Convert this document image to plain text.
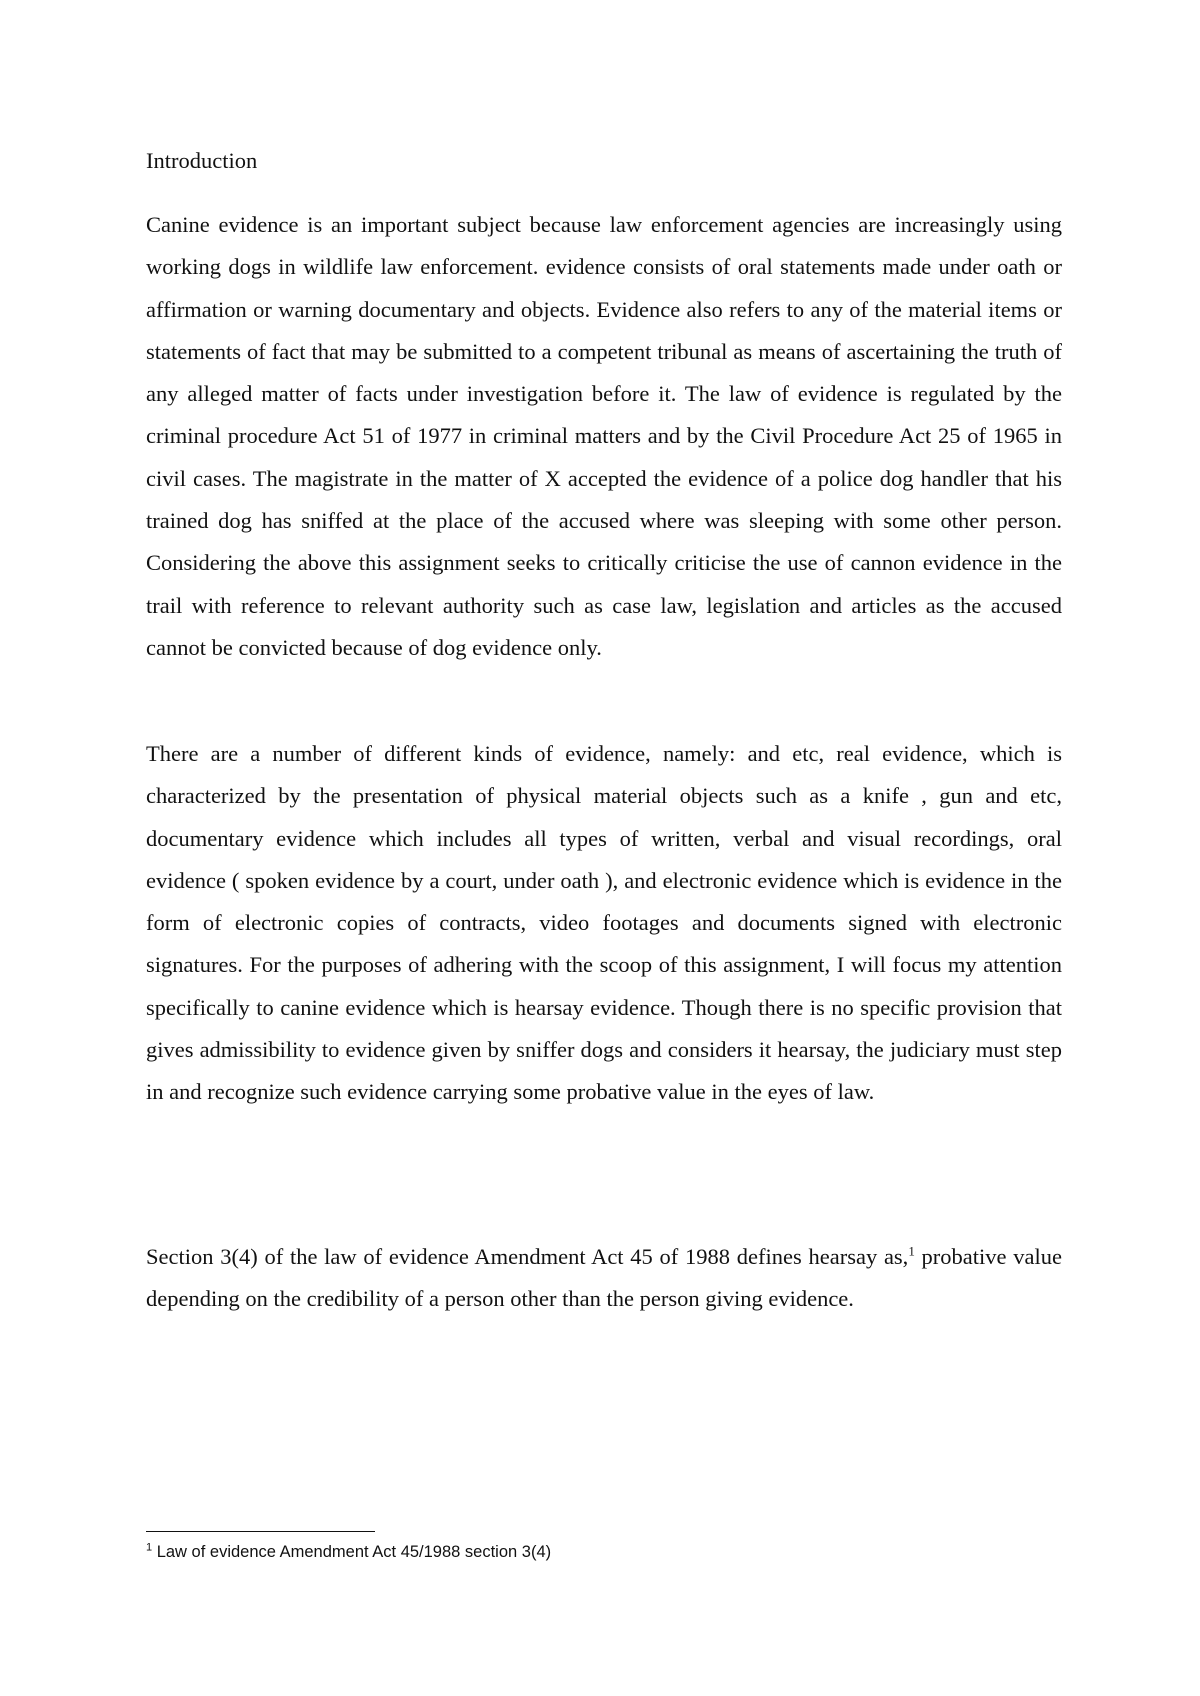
Introduction

Canine evidence is an important subject because law enforcement agencies are increasingly using working dogs in wildlife law enforcement. evidence consists of oral statements made under oath or affirmation or warning documentary and objects. Evidence also refers to any of the material items or statements of fact that may be submitted to a competent tribunal as means of ascertaining the truth of any alleged matter of facts under investigation before it. The law of evidence is regulated by the criminal procedure Act 51 of 1977 in criminal matters and by the Civil Procedure Act 25 of 1965 in civil cases. The magistrate in the matter of X accepted the evidence of a police dog handler that his trained dog has sniffed at the place of the accused where was sleeping with some other person. Considering the above this assignment seeks to critically criticise the use of cannon evidence in the trail with reference to relevant authority such as case law, legislation and articles as the accused cannot be convicted because of dog evidence only.

There are a number of different kinds of evidence, namely: and etc, real evidence, which is characterized by the presentation of physical material objects such as a knife , gun and etc, documentary evidence which includes all types of written, verbal and visual recordings, oral evidence ( spoken evidence by a court, under oath ), and electronic evidence which is evidence in the form of electronic copies of contracts, video footages and documents signed with electronic signatures. For the purposes of adhering with the scoop of this assignment, I will focus my attention specifically to canine evidence which is hearsay evidence. Though there is no specific provision that gives admissibility to evidence given by sniffer dogs and considers it hearsay, the judiciary must step in and recognize such evidence carrying some probative value in the eyes of law.

Section 3(4) of the law of evidence Amendment Act 45 of 1988 defines hearsay as,$^1$ probative value depending on the credibility of a person other than the person giving evidence.

$^1$ Law of evidence Amendment Act 45/1988 section 3(4)
